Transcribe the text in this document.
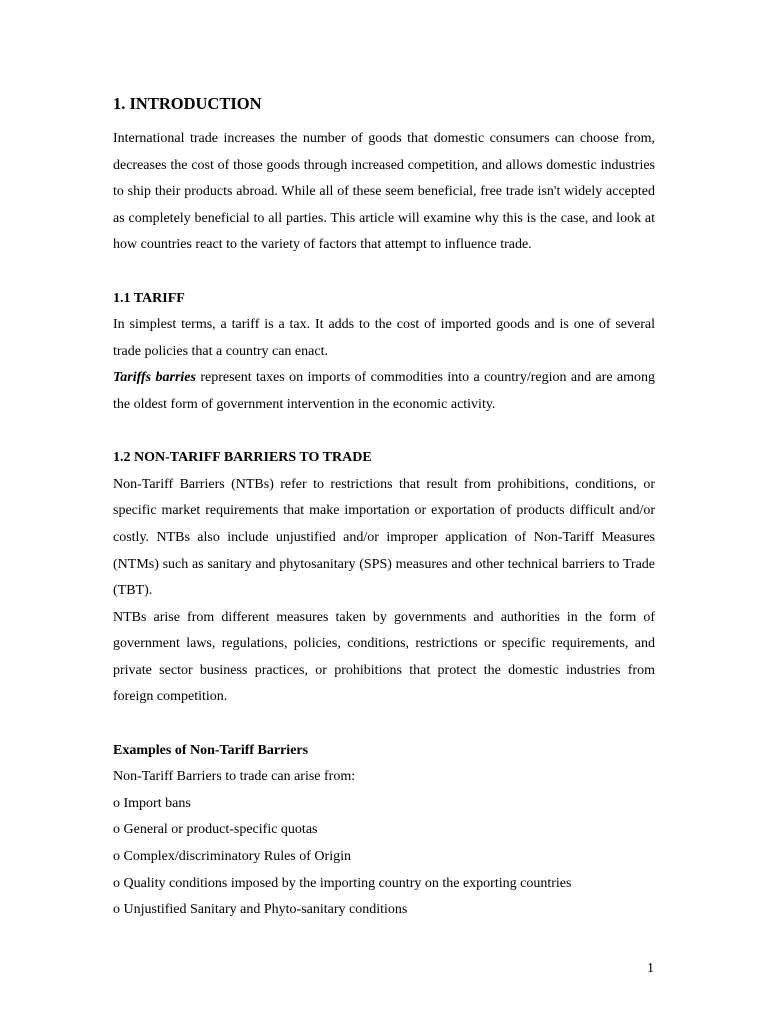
1. INTRODUCTION

International trade increases the number of goods that domestic consumers can choose from, decreases the cost of those goods through increased competition, and allows domestic industries to ship their products abroad. While all of these seem beneficial, free trade isn't widely accepted as completely beneficial to all parties. This article will examine why this is the case, and look at how countries react to the variety of factors that attempt to influence trade.

1.1 TARIFF

In simplest terms, a tariff is a tax. It adds to the cost of imported goods and is one of several trade policies that a country can enact.

Tariffs barries represent taxes on imports of commodities into a country/region and are among the oldest form of government intervention in the economic activity.

1.2 NON-TARIFF BARRIERS TO TRADE

Non-Tariff Barriers (NTBs) refer to restrictions that result from prohibitions, conditions, or specific market requirements that make importation or exportation of products difficult and/or costly. NTBs also include unjustified and/or improper application of Non-Tariff Measures (NTMs) such as sanitary and phytosanitary (SPS) measures and other technical barriers to Trade (TBT).

NTBs arise from different measures taken by governments and authorities in the form of government laws, regulations, policies, conditions, restrictions or specific requirements, and private sector business practices, or prohibitions that protect the domestic industries from foreign competition.

Examples of Non-Tariff Barriers

Non-Tariff Barriers to trade can arise from:

o Import bans

o General or product-specific quotas

o Complex/discriminatory Rules of Origin

o Quality conditions imposed by the importing country on the exporting countries

o Unjustified Sanitary and Phyto-sanitary conditions

1
